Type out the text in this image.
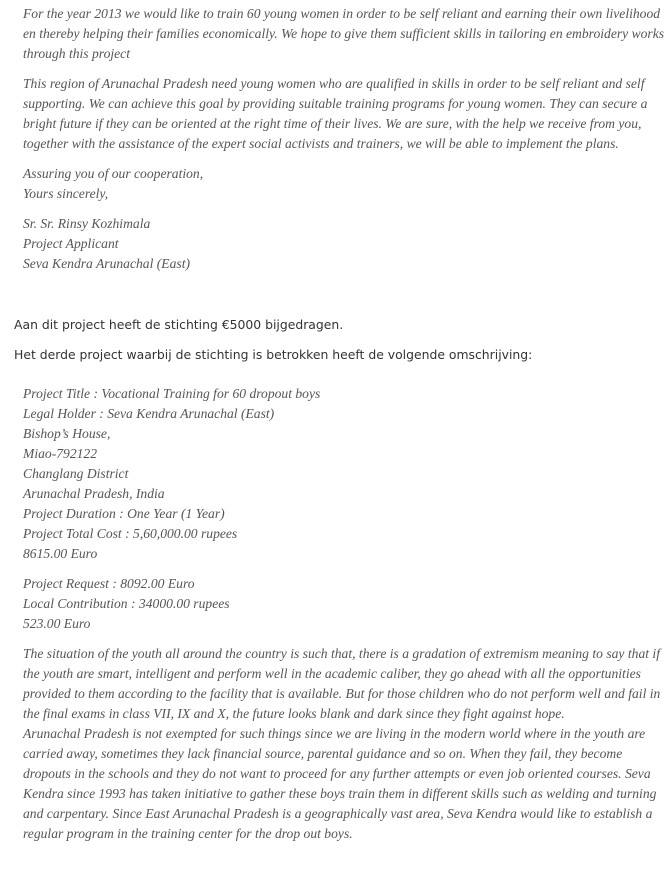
For the year 2013 we would like to train 60 young women in order to be self reliant and earning their own livelihood en thereby helping their families economically. We hope to give them sufficient skills in tailoring en embroidery works through this project

This region of Arunachal Pradesh need young women who are qualified in skills in order to be self reliant and self supporting. We can achieve this goal by providing suitable training programs for young women. They can secure a bright future if they can be oriented at the right time of their lives. We are sure, with the help we receive from you, together with the assistance of the expert social activists and trainers, we will be able to implement the plans.

Assuring you of our cooperation,
Yours sincerely,
Sr. Sr. Rinsy Kozhimala
Project Applicant
Seva Kendra Arunachal (East)

Aan dit project heeft de stichting €5000 bijgedragen.

Het derde project waarbij de stichting is betrokken heeft de volgende omschrijving:

Project Title : Vocational Training for 60 dropout boys
Legal Holder : Seva Kendra Arunachal (East)
Bishop’s House,
Miao-792122
Changlang District
Arunachal Pradesh, India
Project Duration : One Year (1 Year)
Project Total Cost : 5,60,000.00 rupees
8615.00 Euro
Project Request : 8092.00 Euro
Local Contribution : 34000.00 rupees
523.00 Euro

The situation of the youth all around the country is such that, there is a gradation of extremism meaning to say that if the youth are smart, intelligent and perform well in the academic caliber, they go ahead with all the opportunities provided to them according to the facility that is available. But for those children who do not perform well and fail in the final exams in class VII, IX and X, the future looks blank and dark since they fight against hope.

Arunachal Pradesh is not exempted for such things since we are living in the modern world where in the youth are carried away, sometimes they lack financial source, parental guidance and so on. When they fail, they become dropouts in the schools and they do not want to proceed for any further attempts or even job oriented courses. Seva Kendra since 1993 has taken initiative to gather these boys train them in different skills such as welding and turning and carpentary. Since East Arunachal Pradesh is a geographically vast area, Seva Kendra would like to establish a regular program in the training center for the drop out boys.
